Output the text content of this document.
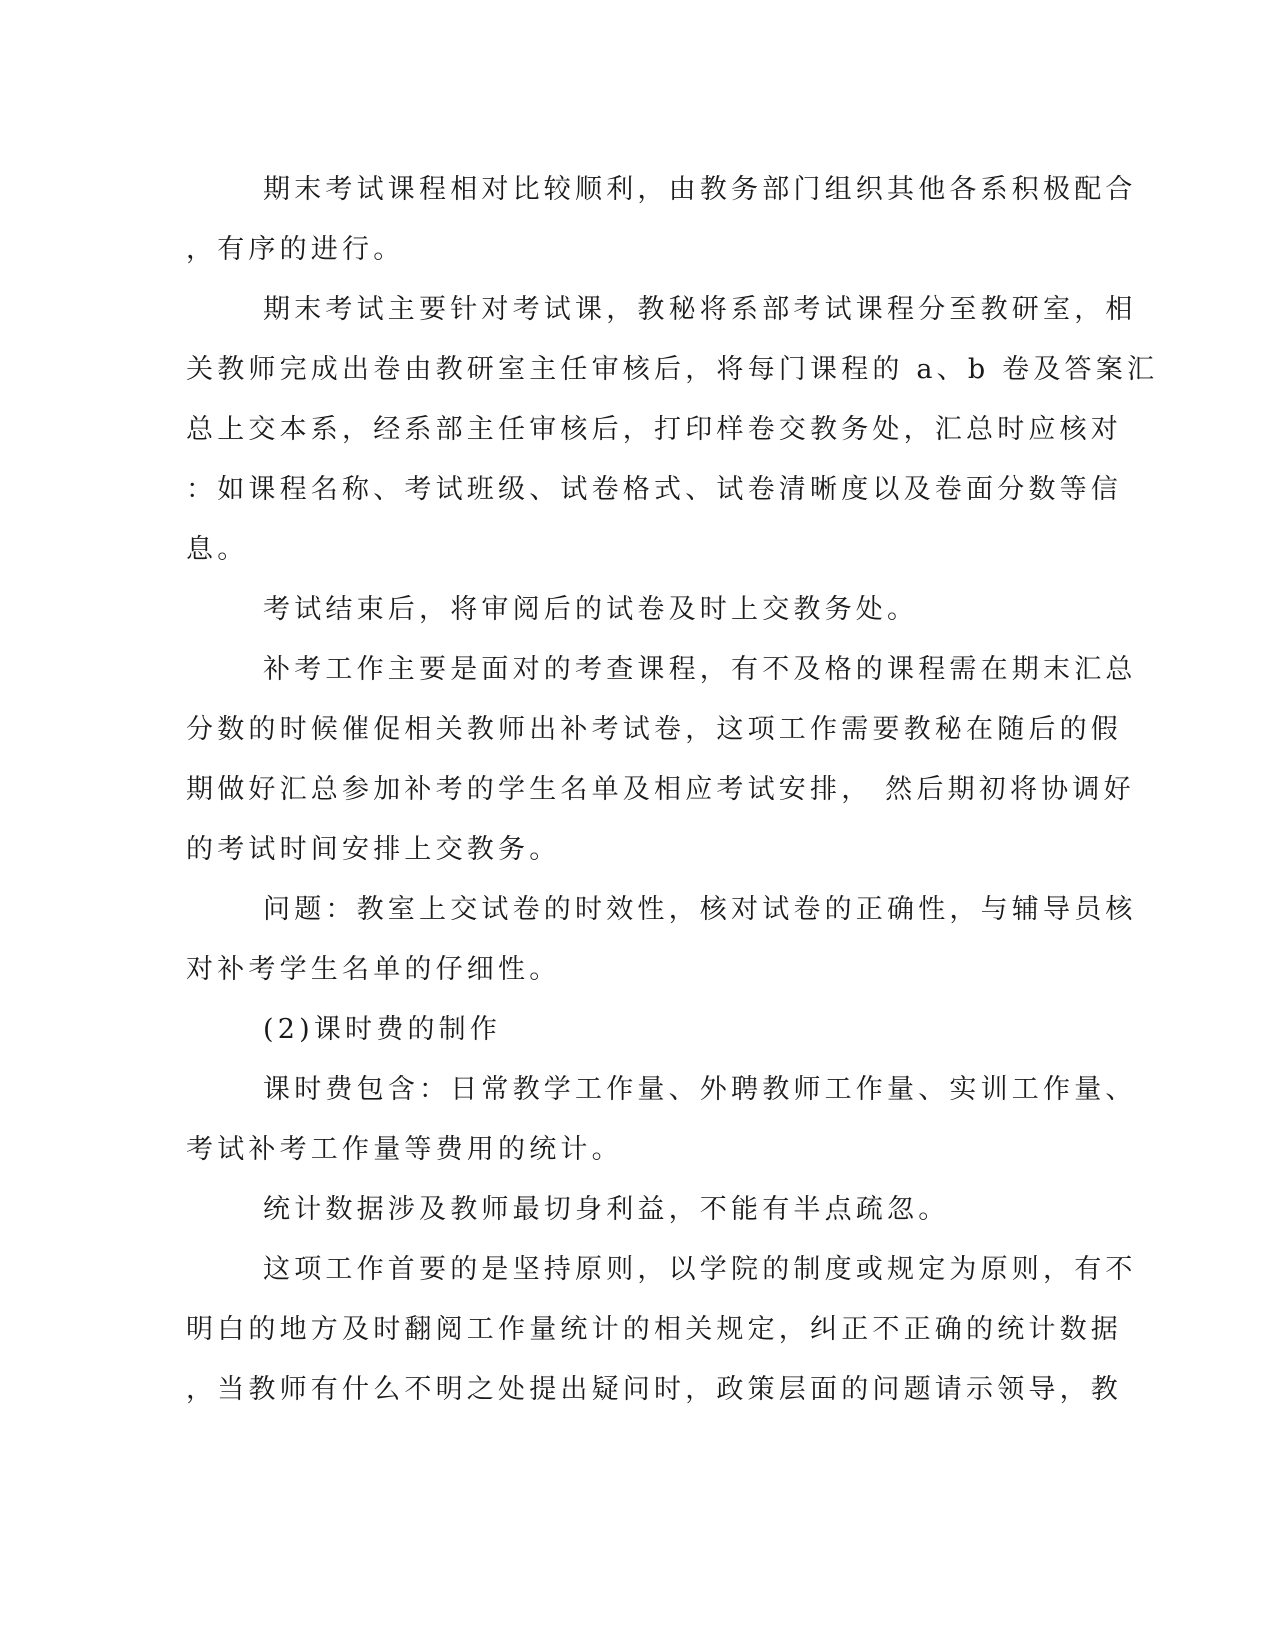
期末考试课程相对比较顺利，由教务部门组织其他各系积极配合
，有序的进行。
期末考试主要针对考试课，教秘将系部考试课程分至教研室，相
关教师完成出卷由教研室主任审核后，将每门课程的 a、b 卷及答案汇
总上交本系，经系部主任审核后，打印样卷交教务处，汇总时应核对
：如课程名称、考试班级、试卷格式、试卷清晰度以及卷面分数等信
息。
考试结束后，将审阅后的试卷及时上交教务处。
补考工作主要是面对的考查课程，有不及格的课程需在期末汇总
分数的时候催促相关教师出补考试卷，这项工作需要教秘在随后的假
期做好汇总参加补考的学生名单及相应考试安排， 然后期初将协调好
的考试时间安排上交教务。
问题：教室上交试卷的时效性，核对试卷的正确性，与辅导员核
对补考学生名单的仔细性。
(2)课时费的制作
课时费包含：日常教学工作量、外聘教师工作量、实训工作量、
考试补考工作量等费用的统计。
统计数据涉及教师最切身利益，不能有半点疏忽。
这项工作首要的是坚持原则，以学院的制度或规定为原则，有不
明白的地方及时翻阅工作量统计的相关规定，纠正不正确的统计数据
，当教师有什么不明之处提出疑问时，政策层面的问题请示领导，教
